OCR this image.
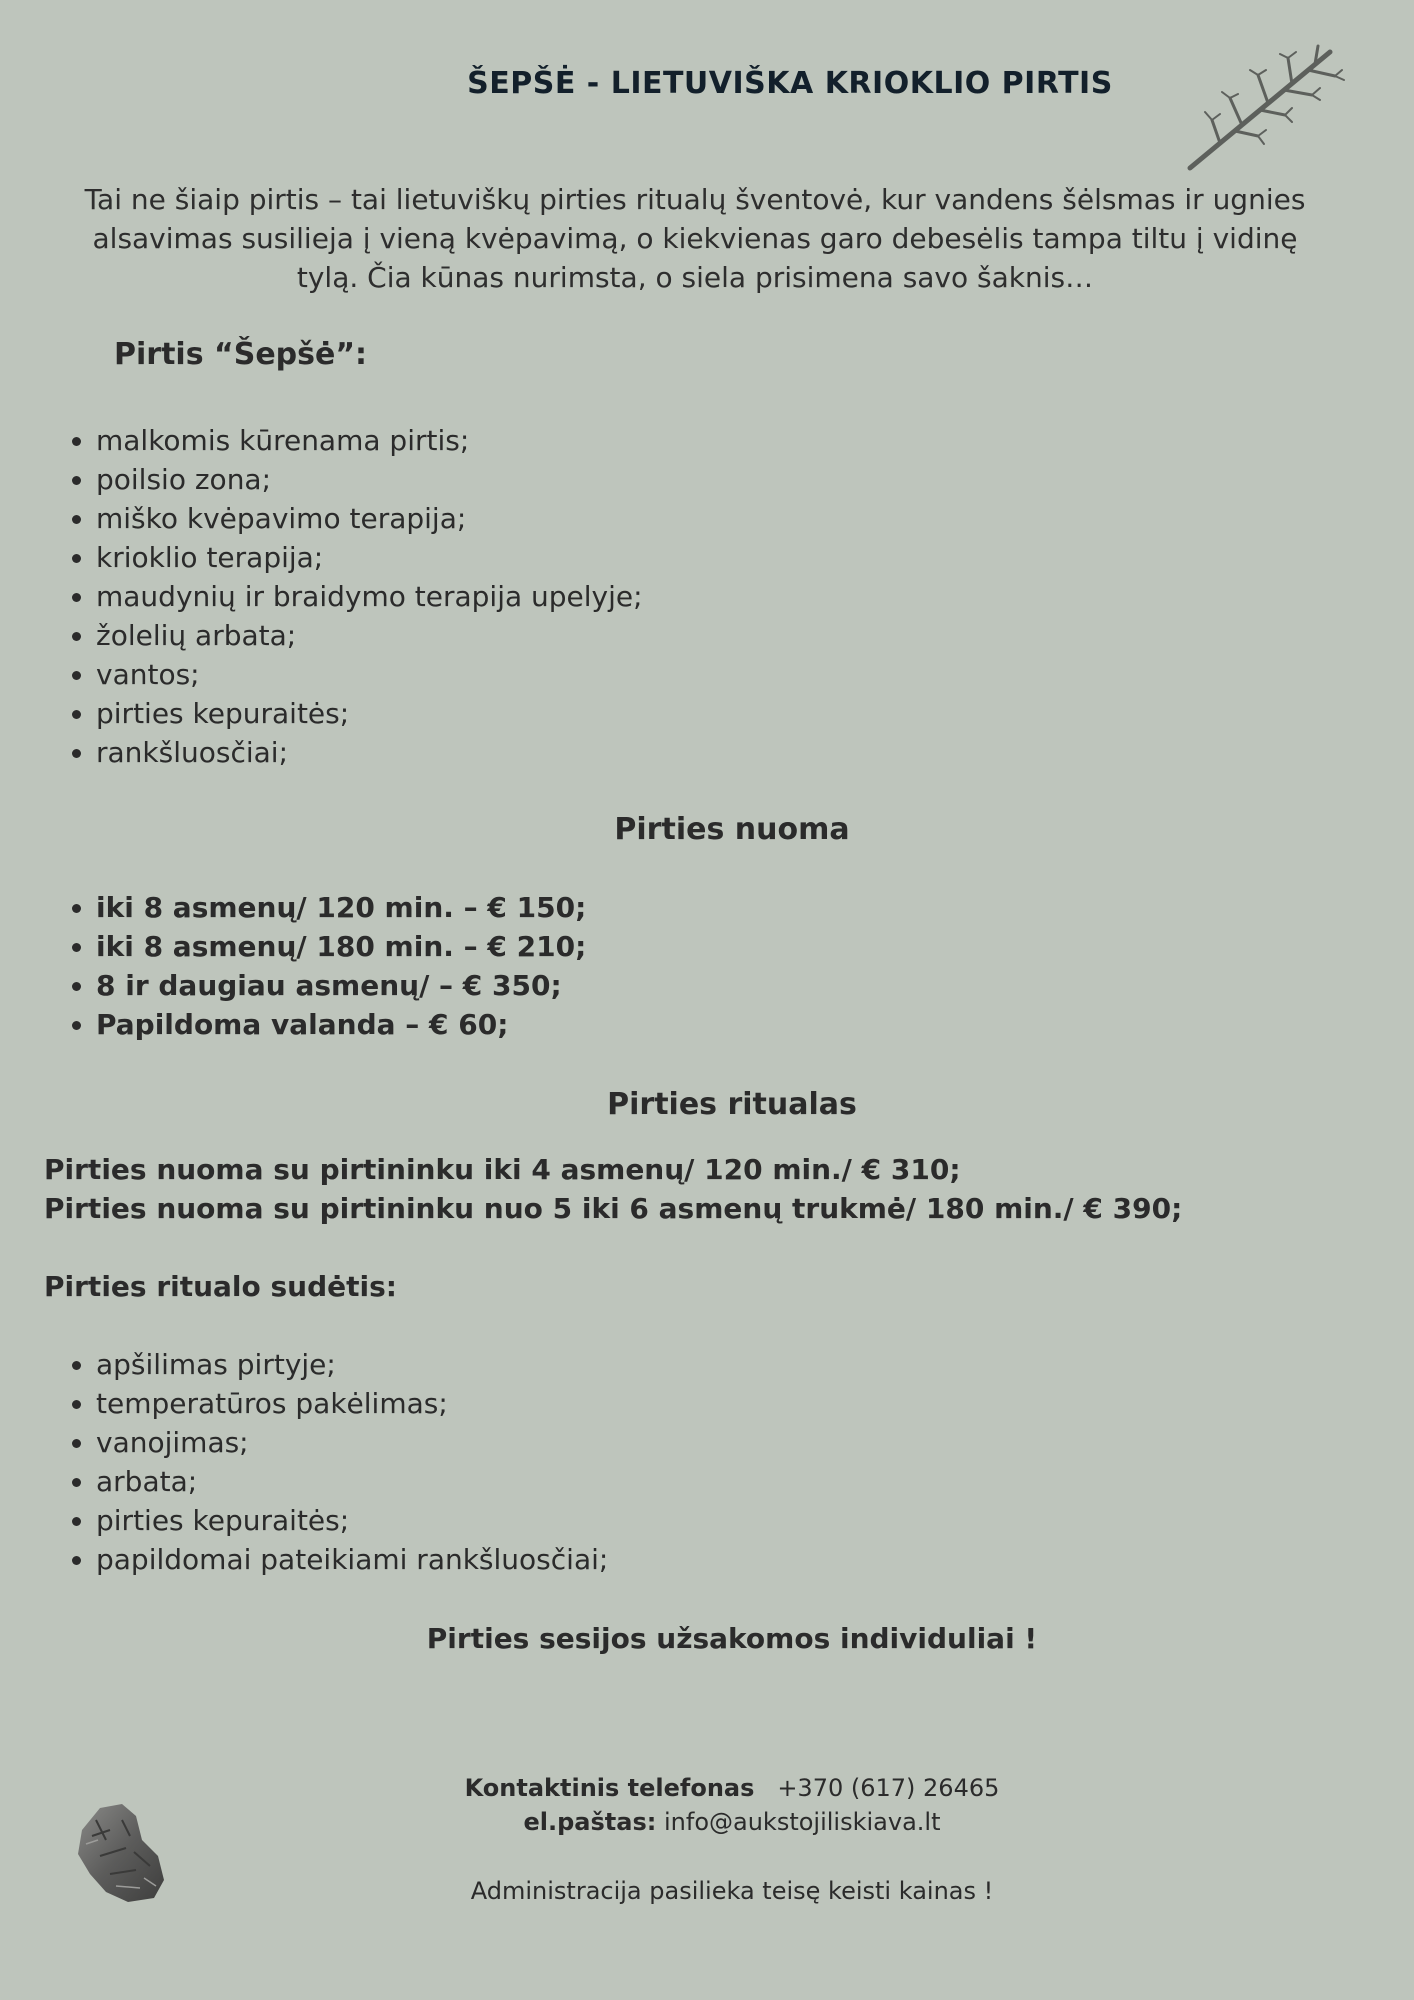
ŠEPŠĖ - LIETUVIŠKA KRIOKLIO PIRTIS

Tai ne šiaip pirtis – tai lietuviškų pirties ritualų šventovė, kur vandens šėlsmas ir ugnies alsavimas susilieja į vieną kvėpavimą, o kiekvienas garo debesėlis tampa tiltu į vidinę tylą. Čia kūnas nurimsta, o siela prisimena savo šaknis…

Pirtis “Šepšė”:
• malkomis kūrenama pirtis;
• poilsio zona;
• miško kvėpavimo terapija;
• krioklio terapija;
• maudynių ir braidymo terapija upelyje;
• žolelių arbata;
• vantos;
• pirties kepuraitės;
• rankšluosčiai;
Pirties nuoma
• iki 8 asmenų/ 120 min. – € 150;
• iki 8 asmenų/ 180 min. – € 210;
• 8 ir daugiau asmenų/ – € 350;
• Papildoma valanda – € 60;
Pirties ritualas

Pirties nuoma su pirtininku iki 4 asmenų/ 120 min./ € 310;

Pirties nuoma su pirtininku nuo 5 iki 6 asmenų trukmė/ 180 min./ € 390;

Pirties ritualo sudėtis:

• apšilimas pirtyje;
• temperatūros pakėlimas;
• vanojimas;
• arbata;
• pirties kepuraitės;
• papildomai pateikiami rankšluosčiai;

Pirties sesijos užsakomos individuliai !

Kontaktinis telefonas +370 (617) 26465

el.paštas: info@aukstojiliskiava.lt

Administracija pasilieka teisę keisti kainas !
